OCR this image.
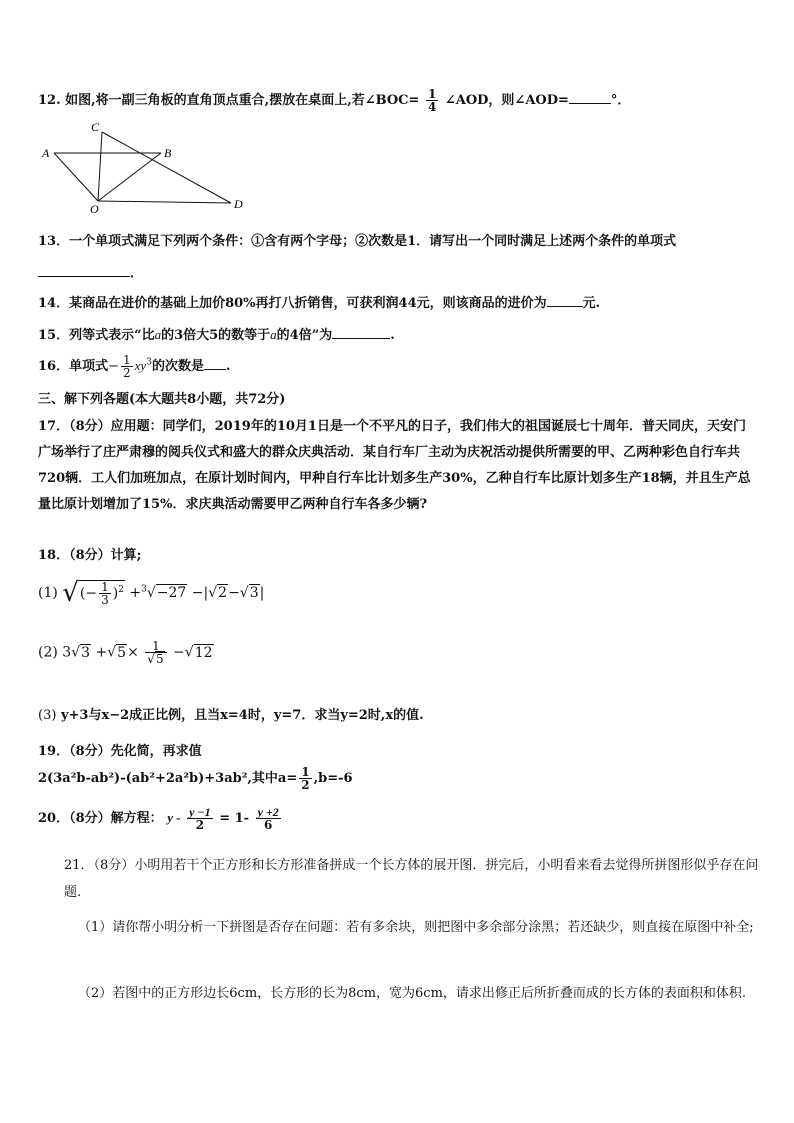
12. 如图,将一副三角板的直角顶点重合,摆放在桌面上,若∠BOC= $\frac{1}{4}$ ∠AOD，则∠AOD=	°．
A	B
C
O	D
13．一个单项式满足下列两个条件：①含有两个字母；②次数是1．请写出一个同时满足上述两个条件的单项式
．
14．某商品在进价的基础上加价80%再打八折销售，可获利润44元，则该商品的进价为	元.
15．列等式表示“比a的3倍大5的数等于a的4倍”为	.
16．单项式− $\frac{1}{2} xy^3$的次数是 .
三、解下列各题(本大题共8小题，共72分)
17．（8分）应用题：同学们，2019年的10月1日是一个不平凡的日子，我们伟大的祖国诞辰七十周年．普天同庆，天安门广场举行了庄严肃穆的阅兵仪式和盛大的群众庆典活动．某自行车厂主动为庆祝活动提供所需要的甲、乙两种彩色自行车共720辆．工人们加班加点，在原计划时间内，甲种自行车比计划多生产30%，乙种自行车比原计划多生产18辆，并且生产总量比原计划增加了15%．求庆典活动需要甲乙两种自行车各多少辆?
18．（8分）计算;
(1) √(− $\frac{1}{3} )^2 +^3√-27 -|√2-√3|$
(2) $3√3 +√5\times \frac{1}{√5} -√12$
(3) y+3与x−2成正比例，且当x=4时，y=7．求当y=2时,x的值.
19．（8分）先化简，再求值
2(3a²b-ab²)-(ab²+2a²b)+3ab²,其中$a= \frac{1}{2} ,b=-6$
20．（8分）解方程： $y - \frac{y -1}{2} = 1- \frac{y +2}{6}$
21．（8分）小明用若干个正方形和长方形准备拼成一个长方体的展开图．拼完后，小明看来看去觉得所拼图形似乎存在问题.
（1）请你帮小明分析一下拼图是否存在问题：若有多余块，则把图中多余部分涂黑；若还缺少，则直接在原图中补全;
（2）若图中的正方形边长6cm，长方形的长为8cm，宽为6cm，请求出修正后所折叠而成的长方体的表面积和体积.
